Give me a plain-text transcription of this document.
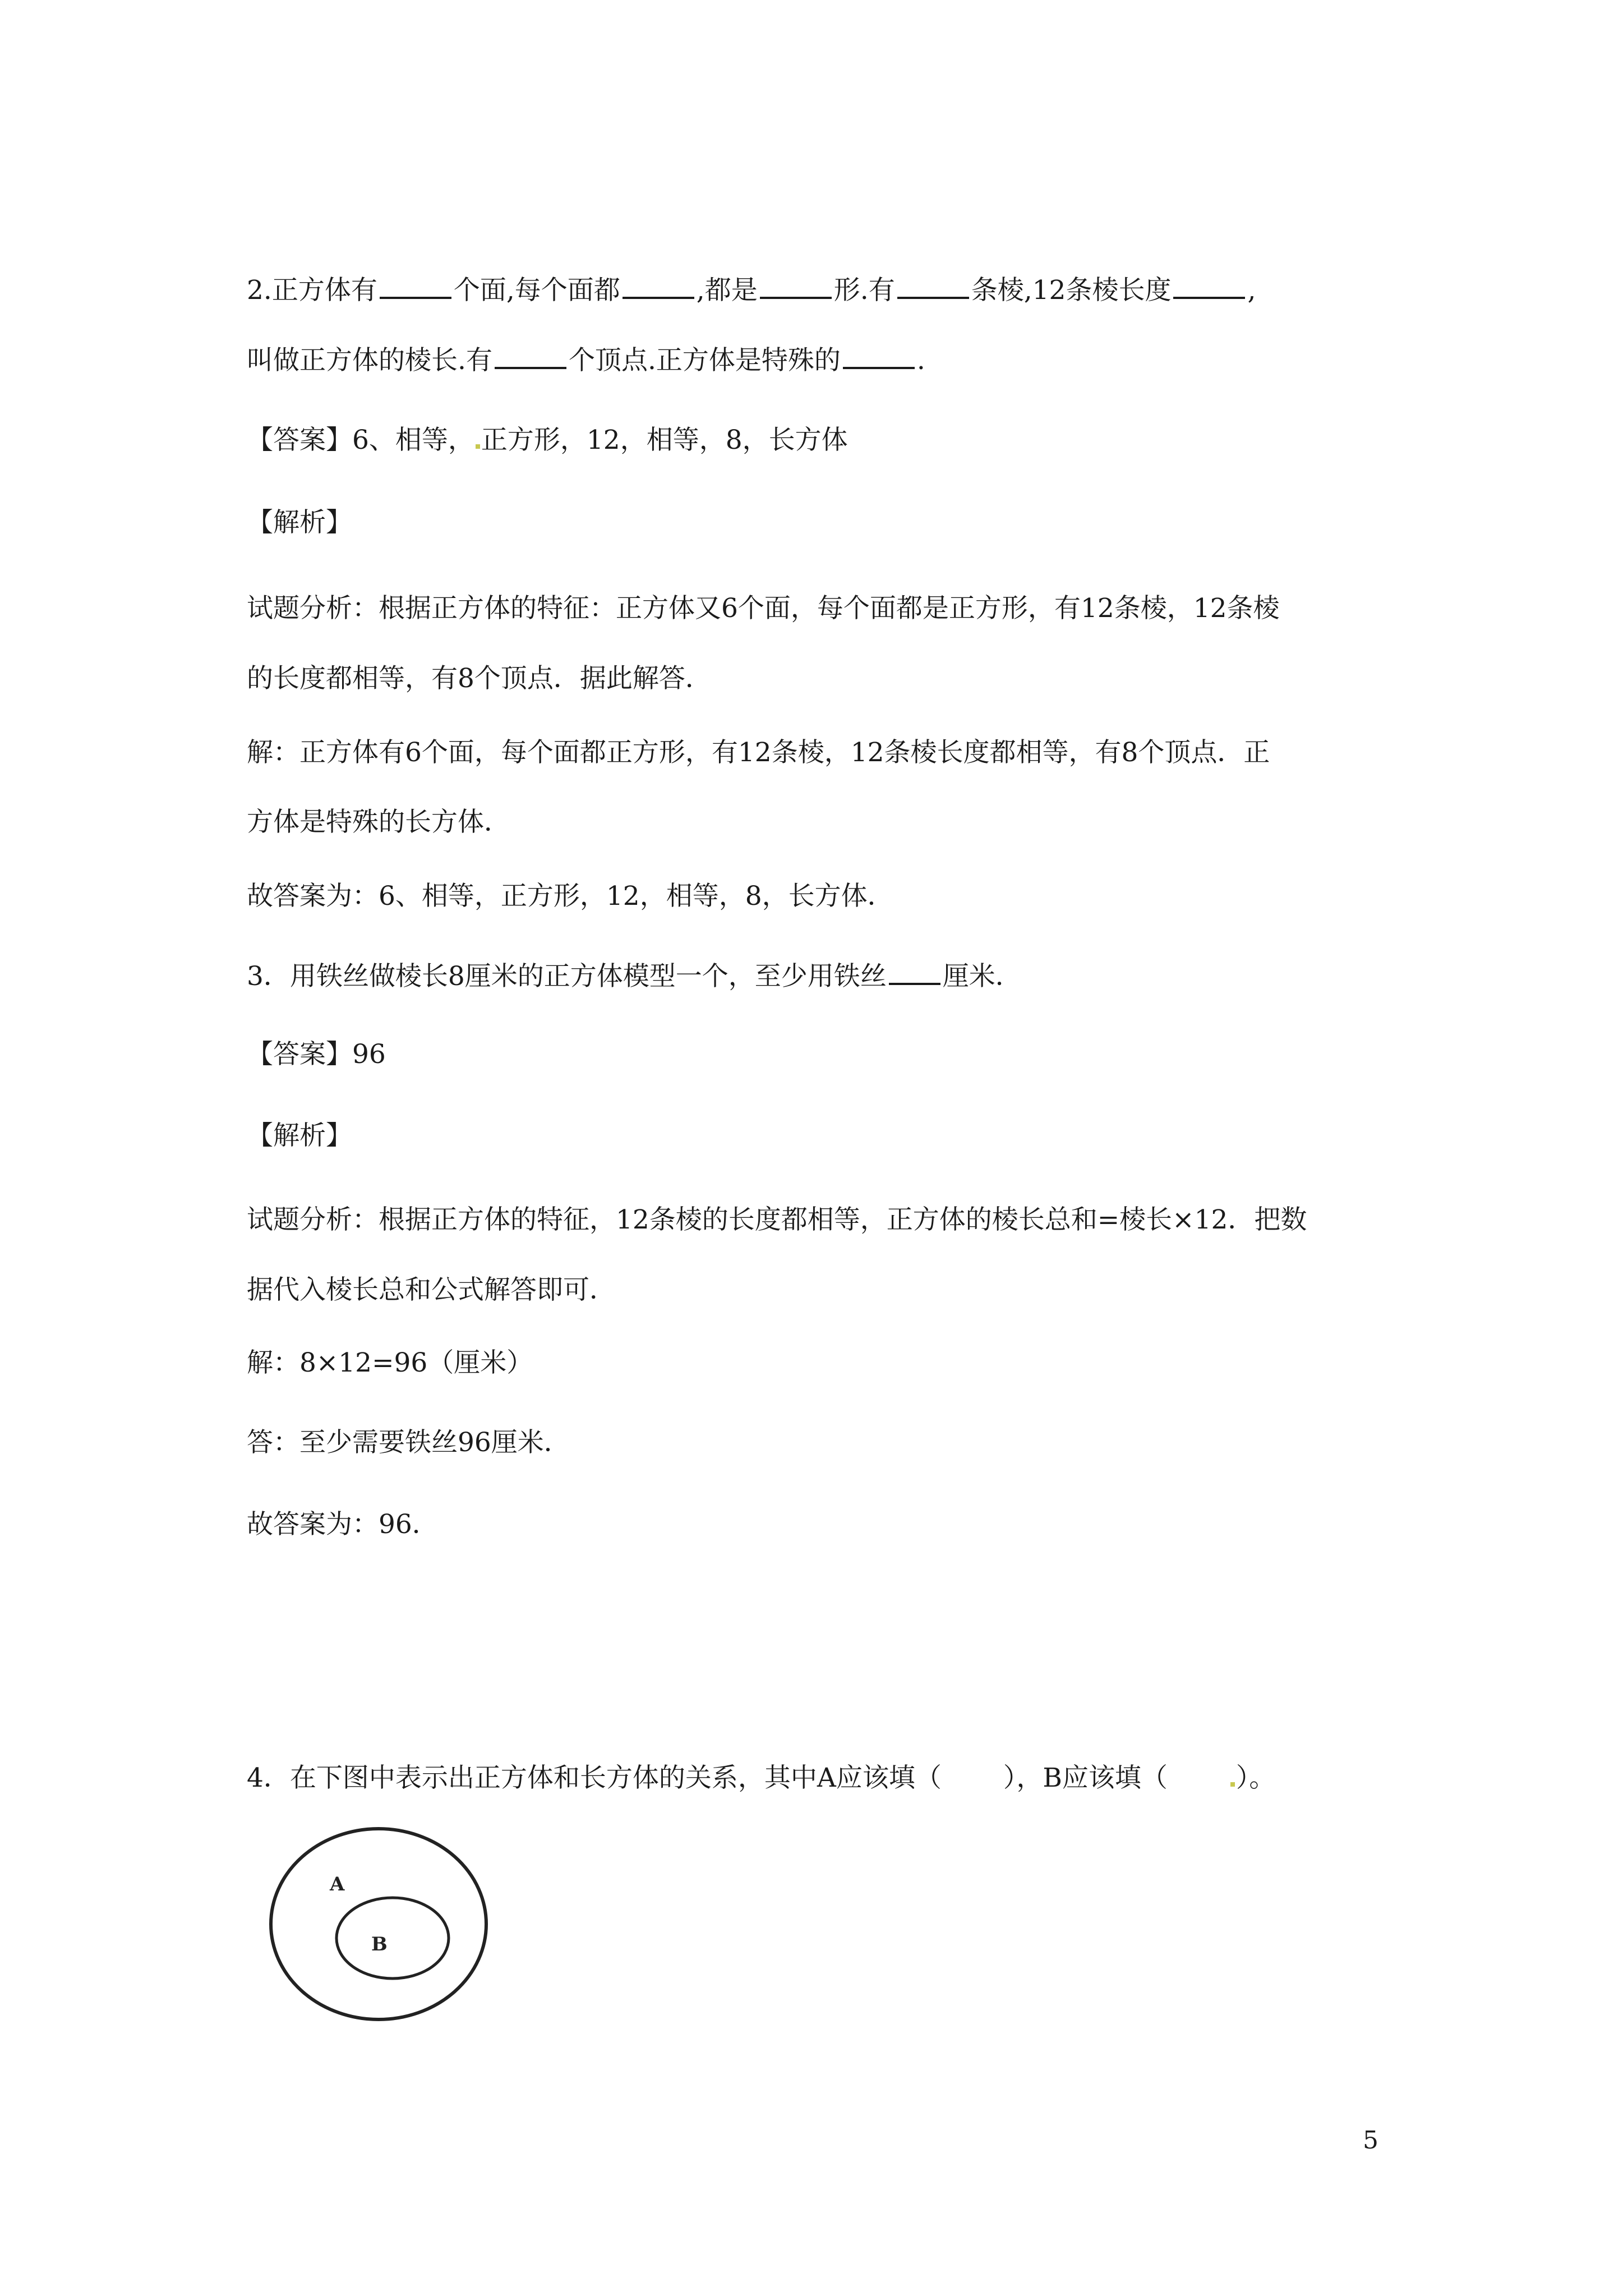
2.正方体有	个面,每个面都	,都是	形.有	条棱,12条棱长度	,
叫做正方体的棱长.有	个顶点.正方体是特殊的	.
【答案】6、相等， 正方形，12，相等，8，长方体
【解析】
试题分析：根据正方体的特征：正方体又6个面，每个面都是正方形，有12条棱，12条棱
的长度都相等，有8个顶点．据此解答．
解：正方体有6个面，每个面都正方形，有12条棱，12条棱长度都相等，有8个顶点．正
方体是特殊的长方体．
故答案为：6、相等，正方形，12，相等，8，长方体．
3．用铁丝做棱长8厘米的正方体模型一个，至少用铁丝 厘米．
【答案】96
【解析】
试题分析：根据正方体的特征，12条棱的长度都相等，正方体的棱长总和=棱长×12．把数
据代入棱长总和公式解答即可．
解：8×12=96（厘米）
答：至少需要铁丝96厘米．
故答案为：96．
4．在下图中表示出正方体和长方体的关系，其中A应该填（ ），B应该填（	）。
A
B
5
